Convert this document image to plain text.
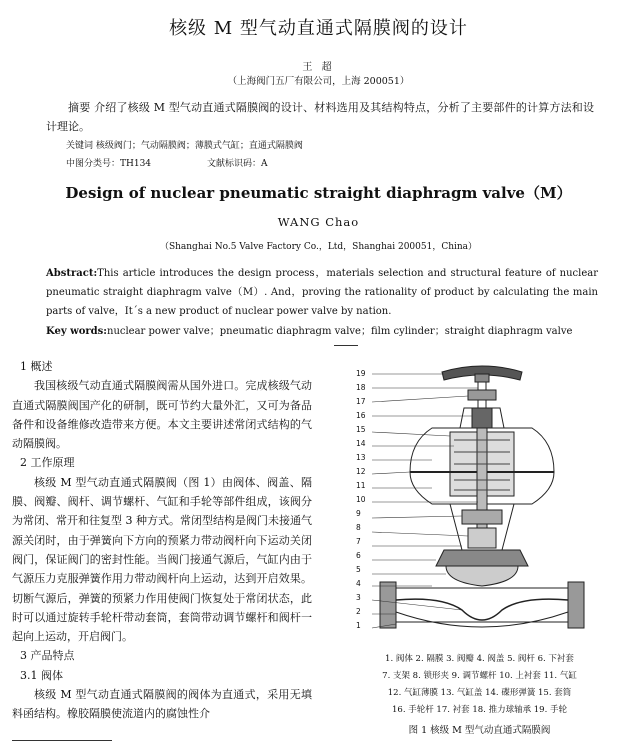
核级 M 型气动直通式隔膜阀的设计
王 超
（上海阀门五厂有限公司，上海 200051）
摘要 介绍了核级 M 型气动直通式隔膜阀的设计、材料选用及其结构特点，分析了主要部件的计算方法和设计理论。
关键词 核级阀门；气动隔膜阀；薄膜式气缸；直通式隔膜阀
中图分类号：TH134	文献标识码：A
Design of nuclear pneumatic straight diaphragm valve（M）
WANG Chao
（Shanghai No.5 Valve Factory Co.，Ltd，Shanghai 200051，China）
Abstract:This article introduces the design process，materials selection and structural feature of nuclear pneumatic straight diaphragm valve（M）. And，proving the rationality of product by calculating the main parts of valve，It´s a new product of nuclear power valve by nation.
Key words:nuclear power valve；pneumatic diaphragm valve；film cylinder；straight diaphragm valve
1 概述
我国核级气动直通式隔膜阀需从国外进口。完成核级气动直通式隔膜阀国产化的研制，既可节约大量外汇，又可为备品备件和设备维修改造带来方便。本文主要讲述常闭式结构的气动隔膜阀。
2 工作原理
核级 M 型气动直通式隔膜阀（图 1）由阀体、阀盖、隔膜、阀瓣、阀杆、调节螺杆、气缸和手轮等部件组成，该阀分为常闭、常开和往复型 3 种方式。常闭型结构是阀门未接通气源关闭时，由于弹簧向下方向的预紧力带动阀杆向下运动关闭阀门，保证阀门的密封性能。当阀门接通气源后，气缸内由于气源压力克服弹簧作用力带动阀杆向上运动，达到开启效果。切断气源后，弹簧的预紧力作用使阀门恢复处于常闭状态，此时可以通过旋转手轮杆带动套筒，套筒带动调节螺杆和阀杆一起向上运动，开启阀门。
3 产品特点
3.1 阀体
核级 M 型气动直通式隔膜阀的阀体为直通式，采用无填料函结构。橡胶隔膜使流道内的腐蚀性介
19
18
17
16
15
14
13
12
11
10
9
8
7
6
5
4
3
2
1
1. 阀体 2. 隔膜 3. 阀瓣 4. 阀盖 5. 阀杆 6. 下衬套
7. 支架 8. 锁形夹 9. 调节螺杆 10. 上衬套 11. 气缸
12. 气缸薄膜 13. 气缸盖 14. 碟形弹簧 15. 套筒
16. 手轮杆 17. 衬套 18. 推力球轴承 19. 手轮
图 1 核级 M 型气动直通式隔膜阀
